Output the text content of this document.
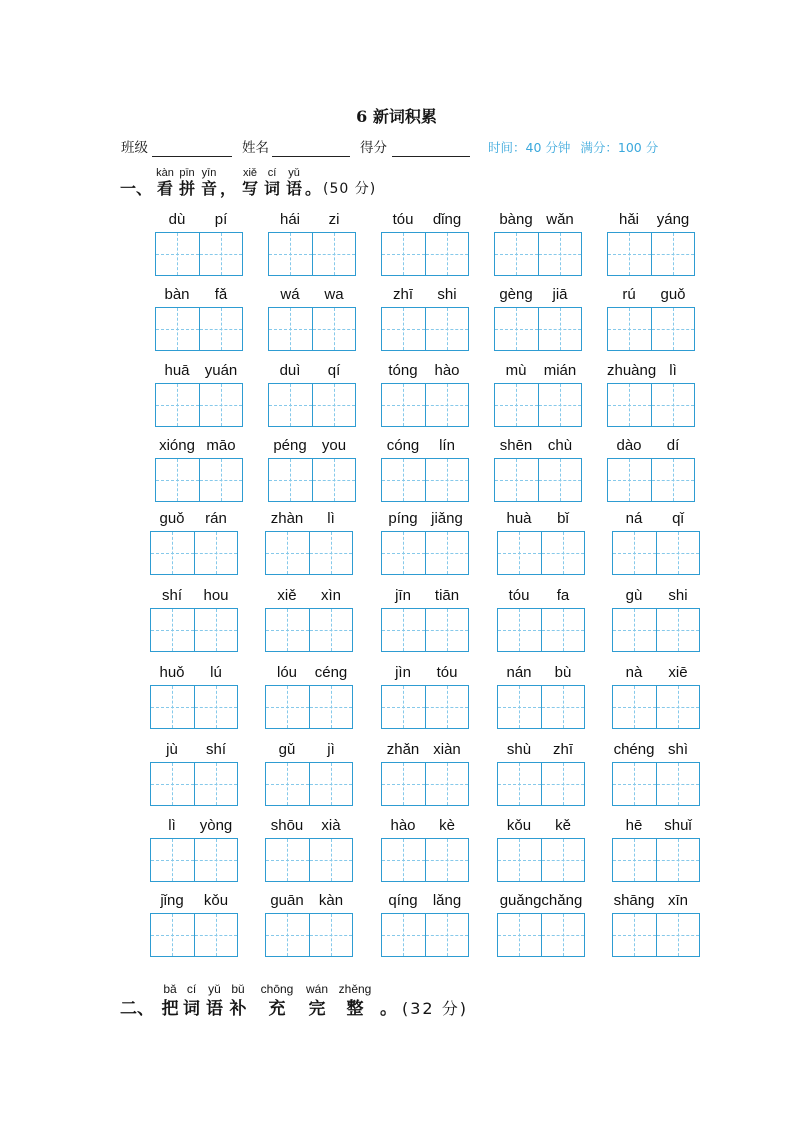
6 新词积累
班级	姓名	得分	时间：40 分钟 满分：100 分
一、
kàn
看
pīn
拼
yīn
音 ，
xiě
写
cí
词
yǔ
语 。 (50 分)
dù	pí	hái	zi	tóu	dǐng	bàng wǎn	hǎi	yáng
bàn	fǎ	wá	wa	zhī	shi	gèng	jiā	rú	guǒ
huā	yuán	duì	qí	tóng	hào	mù	mián	zhuàng lì
xióng māo	péng	you	cóng	lín	shēn	chù	dào	dí
guǒ	rán	zhàn	lì	píng jiǎng	huà	bǐ	ná	qǐ
shí	hou	xiě	xìn	jīn	tiān	tóu	fa	gù	shi
huǒ	lú	lóu	céng	jìn	tóu	nán	bù	nà	xiē
jù	shí	gǔ	jì	zhǎn xiàn	shù	zhī	chéng shì
lì	yòng	shōu	xià	hào	kè	kǒu	kě	hē	shuǐ
jǐng	kǒu	guān	kàn	qíng	lǎng	guǎngchǎng shāng xīn
二、
bǎ
把
cí
词
yǔ
语
bǔ
补
chōng
充
wán
完
zhěng
整 。 (32 分)
